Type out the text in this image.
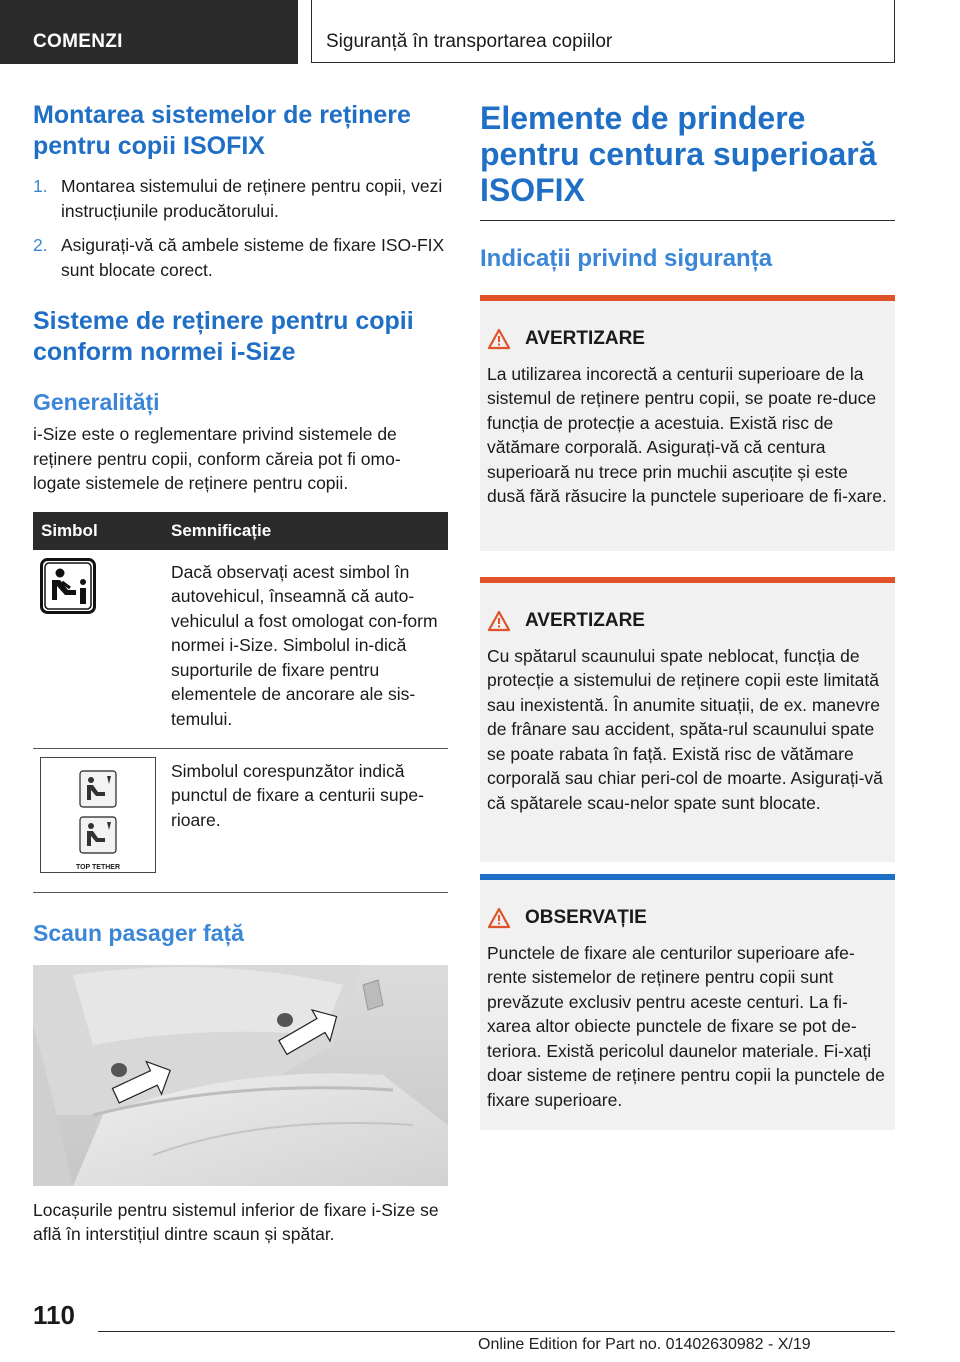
COMENZI	Siguranță în transportarea copiilor
Montarea sistemelor de reținere pentru copii ISOFIX
1. Montarea sistemului de reținere pentru copii, vezi instrucțiunile producătorului.
2. Asigurați-vă că ambele sisteme de fixare ISO-FIX sunt blocate corect.
Sisteme de reținere pentru copii conform normei i-Size
Generalități

i-Size este o reglementare privind sistemele de reținere pentru copii, conform căreia pot fi omo-logate sistemele de reținere pentru copii.

Simbol	Semnificație
	Dacă observați acest simbol în autovehicul, înseamnă că auto-vehiculul a fost omologat con-form normei i-Size. Simbolul in-dică suporturile de fixare pentru elementele de ancorare ale sis-temului.

TOP TETHER	Simbolul corespunzător indică punctul de fixare a centurii supe-rioare.
Scaun pasager față

Locașurile pentru sistemul inferior de fixare i-Size se află în interstițiul dintre scaun și spătar.

Elemente de prindere pentru centura superioară ISOFIX
Indicații privind siguranța
AVERTIZARE
La utilizarea incorectă a centurii superioare de la sistemul de reținere pentru copii, se poate re-duce funcția de protecție a acestuia. Există risc de vătămare corporală. Asigurați-vă că centura superioară nu trece prin muchii ascuțite și este dusă fără răsucire la punctele superioare de fi-xare.
AVERTIZARE
Cu spătarul scaunului spate neblocat, funcția de protecție a sistemului de reținere copii este limitată sau inexistentă. În anumite situații, de ex. manevre de frânare sau accident, spăta-rul scaunului spate se poate rabata în față. Există risc de vătămare corporală sau chiar peri-col de moarte. Asigurați-vă că spătarele scau-nelor spate sunt blocate.
OBSERVAȚIE
Punctele de fixare ale centurilor superioare afe-rente sistemelor de reținere pentru copii sunt prevăzute exclusiv pentru aceste centuri. La fi-xarea altor obiecte punctele de fixare se pot de-teriora. Există pericolul daunelor materiale. Fi-xați doar sisteme de reținere pentru copii la punctele de fixare superioare.
110
Online Edition for Part no. 01402630982 - X/19
